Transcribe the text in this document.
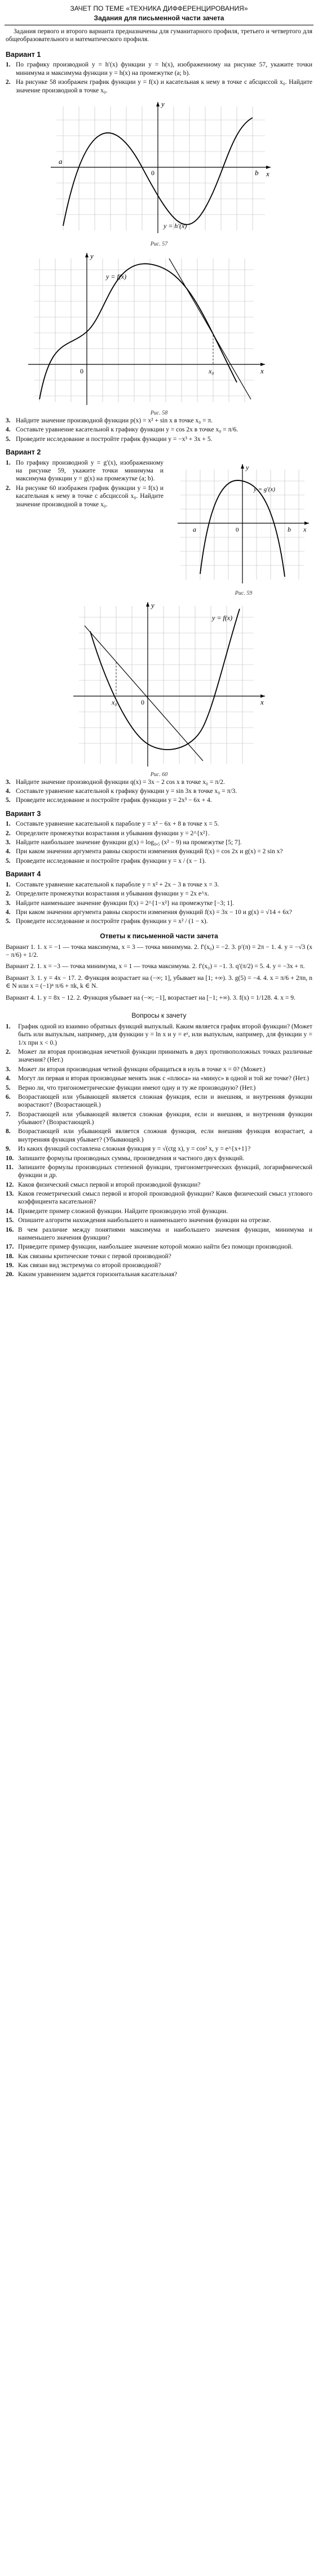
ЗАЧЕТ ПО ТЕМЕ «ТЕХНИКА ДИФФЕРЕНЦИРОВАНИЯ»
Задания для письменной части зачета
Задания первого и второго варианта предназначены для гуманитарного профиля, третьего и четвертого для общеобразовательного и математического профиля.
Вариант 1
1. По графику производной y = h′(x) функции y = h(x), изображенному на рисунке 57, укажите точки минимума и максимума функции y = h(x) на промежутке (a; b).
2. На рисунке 58 изображен график функции y = f(x) и касательная к нему в точке с абсциссой x₀. Найдите значение производной в точке x₀.
y
a
0	b x
y = h′(x)
Рис. 57
y
y = f(x)
x₀
0	x
Рис. 58
3. Найдите значение производной функции p(x) = x² + sin x в точке x₀ = π.
4. Составьте уравнение касательной к графику функции y = cos 2x в точке x₀ = π/6.
5. Проведите исследование и постройте график функции y = −x³ + 3x + 5.
Вариант 2
1. По графику производной y = g′(x), изображенному на рисунке 59, укажите точки минимума и максимума функции y = g(x) на промежутке (a; b).
2. На рисунке 60 изображен график функции y = f(x) и касательная к нему в точке с абсциссой x₀. Найдите значение производной в точке x₀.
y
y = g′(x)
a	0	b x
Рис. 59
y
y = f(x)
x₀	0	x
Рис. 60
3. Найдите значение производной функции q(x) = 3x − 2 cos x в точке x₀ = π/2.
4. Составьте уравнение касательной к графику функции y = sin 3x в точке x₀ = π/3.
5. Проведите исследование и постройте график функции y = 2x³ − 6x + 4.
Вариант 3
1. Составьте уравнение касательной к параболе y = x² − 6x + 8 в точке x = 5.
2. Определите промежутки возрастания и убывания функции y = 2^{x²}.
3. Найдите наибольшее значение функции g(x) = log₀,₅ (x² − 9) на промежутке [5; 7].
4. При каком значении аргумента равны скорости изменения функций f(x) = cos 2x и g(x) = 2 sin x?
5. Проведите исследование и постройте график функции y = x / (x − 1).
Вариант 4
1. Составьте уравнение касательной к параболе y = x² + 2x − 3 в точке x = 3.
2. Определите промежутки возрастания и убывания функции y = 2x e^x.
3. Найдите наименьшее значение функции f(x) = 2^{1−x²} на промежутке [−3; 1].
4. При каком значении аргумента равны скорости изменения функций f(x) = 3x − 10 и g(x) = √14 + 6x?
5. Проведите исследование и постройте график функции y = x² / (1 − x).
Ответы к письменной части зачета
Вариант 1. 1. x = −1 — точка максимума, x = 3 — точка минимума. 2. f′(x₀) = −2. 3. p′(π) = 2π − 1. 4. y = −√3 (x − π/6) + 1/2.
Вариант 2. 1. x = −3 — точка минимума, x = 1 — точка максимума. 2. f′(x₀) = −1. 3. q′(π/2) = 5. 4. y = −3x + π.
Вариант 3. 1. y = 4x − 17. 2. Функция возрастает на (−∞; 1], убывает на [1; +∞). 3. g(5) = −4. 4. x = π/6 + 2πn, n ∈ N или x = (−1)ⁿ π/6 + πk, k ∈ N.
Вариант 4. 1. y = 8x − 12. 2. Функция убывает на (−∞; −1], возрастает на [−1; +∞). 3. f(x) = 1/128. 4. x = 9.
Вопросы к зачету
1.	График одной из взаимно обратных функций выпуклый. Каким является график второй функции? (Может быть или выпуклым, например, для функции y = ln x и y = eˣ, или выпуклым, например, для функции y = 1/x при x < 0.)
2.	Может ли вторая производная нечетной функции принимать в двух противоположных точках различные значения? (Нет.)
3.	Может ли вторая производная четной функции обращаться в нуль в точке x = 0? (Может.)
4.	Могут ли первая и вторая производные менять знак с «плюса» на «минус» в одной и той же точке? (Нет.)
5.	Верно ли, что тригонометрические функции имеют одну и ту же производную? (Нет.)
6.	Возрастающей или убывающей является сложная функция, если и внешняя, и внутренняя функции возрастают? (Возрастающей.)
7.	Возрастающей или убывающей является сложная функция, если и внешняя, и внутренняя функции убывают? (Возрастающей.)
8.	Возрастающей или убывающей является сложная функция, если внешняя функция возрастает, а внутренняя функция убывает? (Убывающей.)
9.	Из каких функций составлена сложная функция y = √(ctg x), y = cos² x, y = e^{x+1}?
10. Запишите формулы производных суммы, произведения и частного двух функций.
11. Запишите формулы производных степенной функции, тригонометрических функций, логарифмической функции и др.
12. Каков физический смысл первой и второй производной функции?
13. Каков геометрический смысл первой и второй производной функции? Каков физический смысл углового коэффициента касательной?
14. Приведите пример сложной функции. Найдите производную этой функции.
15. Опишите алгоритм нахождения наибольшего и наименьшего значения функции на отрезке.
16. В чем различие между понятиями максимума и наибольшего значения функции, минимума и наименьшего значения функции?
17. Приведите пример функции, наибольшее значение которой можно найти без помощи производной.
18. Как связаны критические точки с первой производной?
19. Как связан вид экстремума со второй производной?
20. Каким уравнением задается горизонтальная касательная?
